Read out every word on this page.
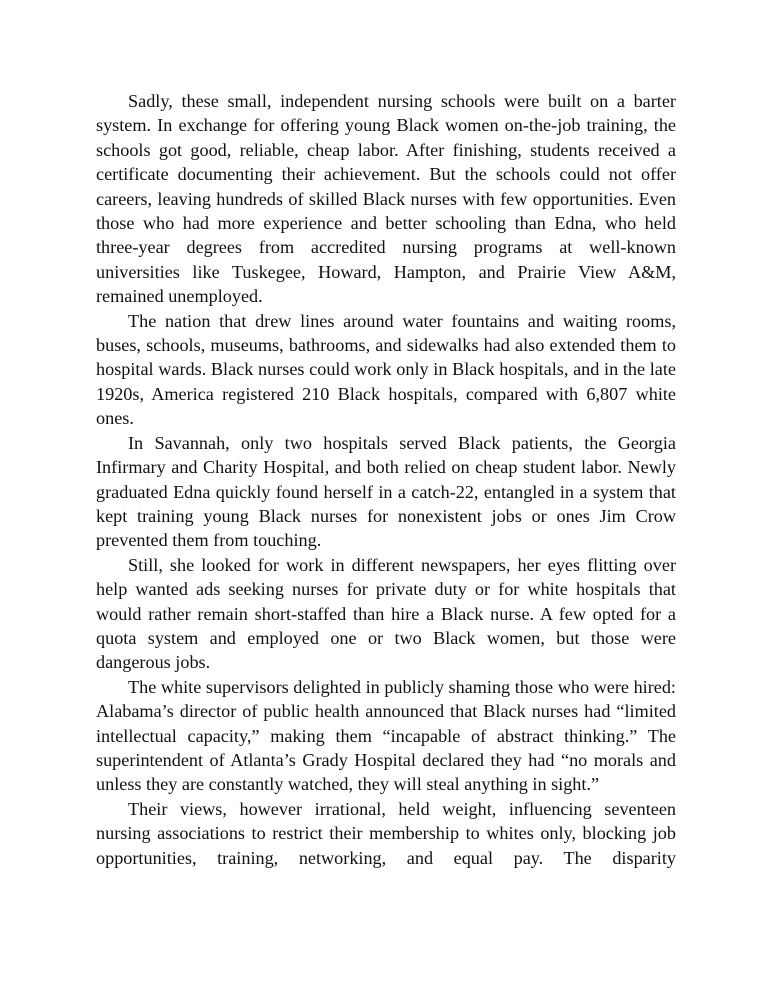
Sadly, these small, independent nursing schools were built on a barter system. In exchange for offering young Black women on-the-job training, the schools got good, reliable, cheap labor. After finishing, students received a certificate documenting their achievement. But the schools could not offer careers, leaving hundreds of skilled Black nurses with few opportunities. Even those who had more experience and better schooling than Edna, who held three-year degrees from accredited nursing programs at well-known universities like Tuskegee, Howard, Hampton, and Prairie View A&M, remained unemployed.

The nation that drew lines around water fountains and waiting rooms, buses, schools, museums, bathrooms, and sidewalks had also extended them to hospital wards. Black nurses could work only in Black hospitals, and in the late 1920s, America registered 210 Black hospitals, compared with 6,807 white ones.

In Savannah, only two hospitals served Black patients, the Georgia Infirmary and Charity Hospital, and both relied on cheap student labor. Newly graduated Edna quickly found herself in a catch-22, entangled in a system that kept training young Black nurses for nonexistent jobs or ones Jim Crow prevented them from touching.

Still, she looked for work in different newspapers, her eyes flitting over help wanted ads seeking nurses for private duty or for white hospitals that would rather remain short-staffed than hire a Black nurse. A few opted for a quota system and employed one or two Black women, but those were dangerous jobs.

The white supervisors delighted in publicly shaming those who were hired: Alabama’s director of public health announced that Black nurses had “limited intellectual capacity,” making them “incapable of abstract thinking.” The superintendent of Atlanta’s Grady Hospital declared they had “no morals and unless they are constantly watched, they will steal anything in sight.”

Their views, however irrational, held weight, influencing seventeen nursing associations to restrict their membership to whites only, blocking job opportunities, training, networking, and equal pay. The disparity
